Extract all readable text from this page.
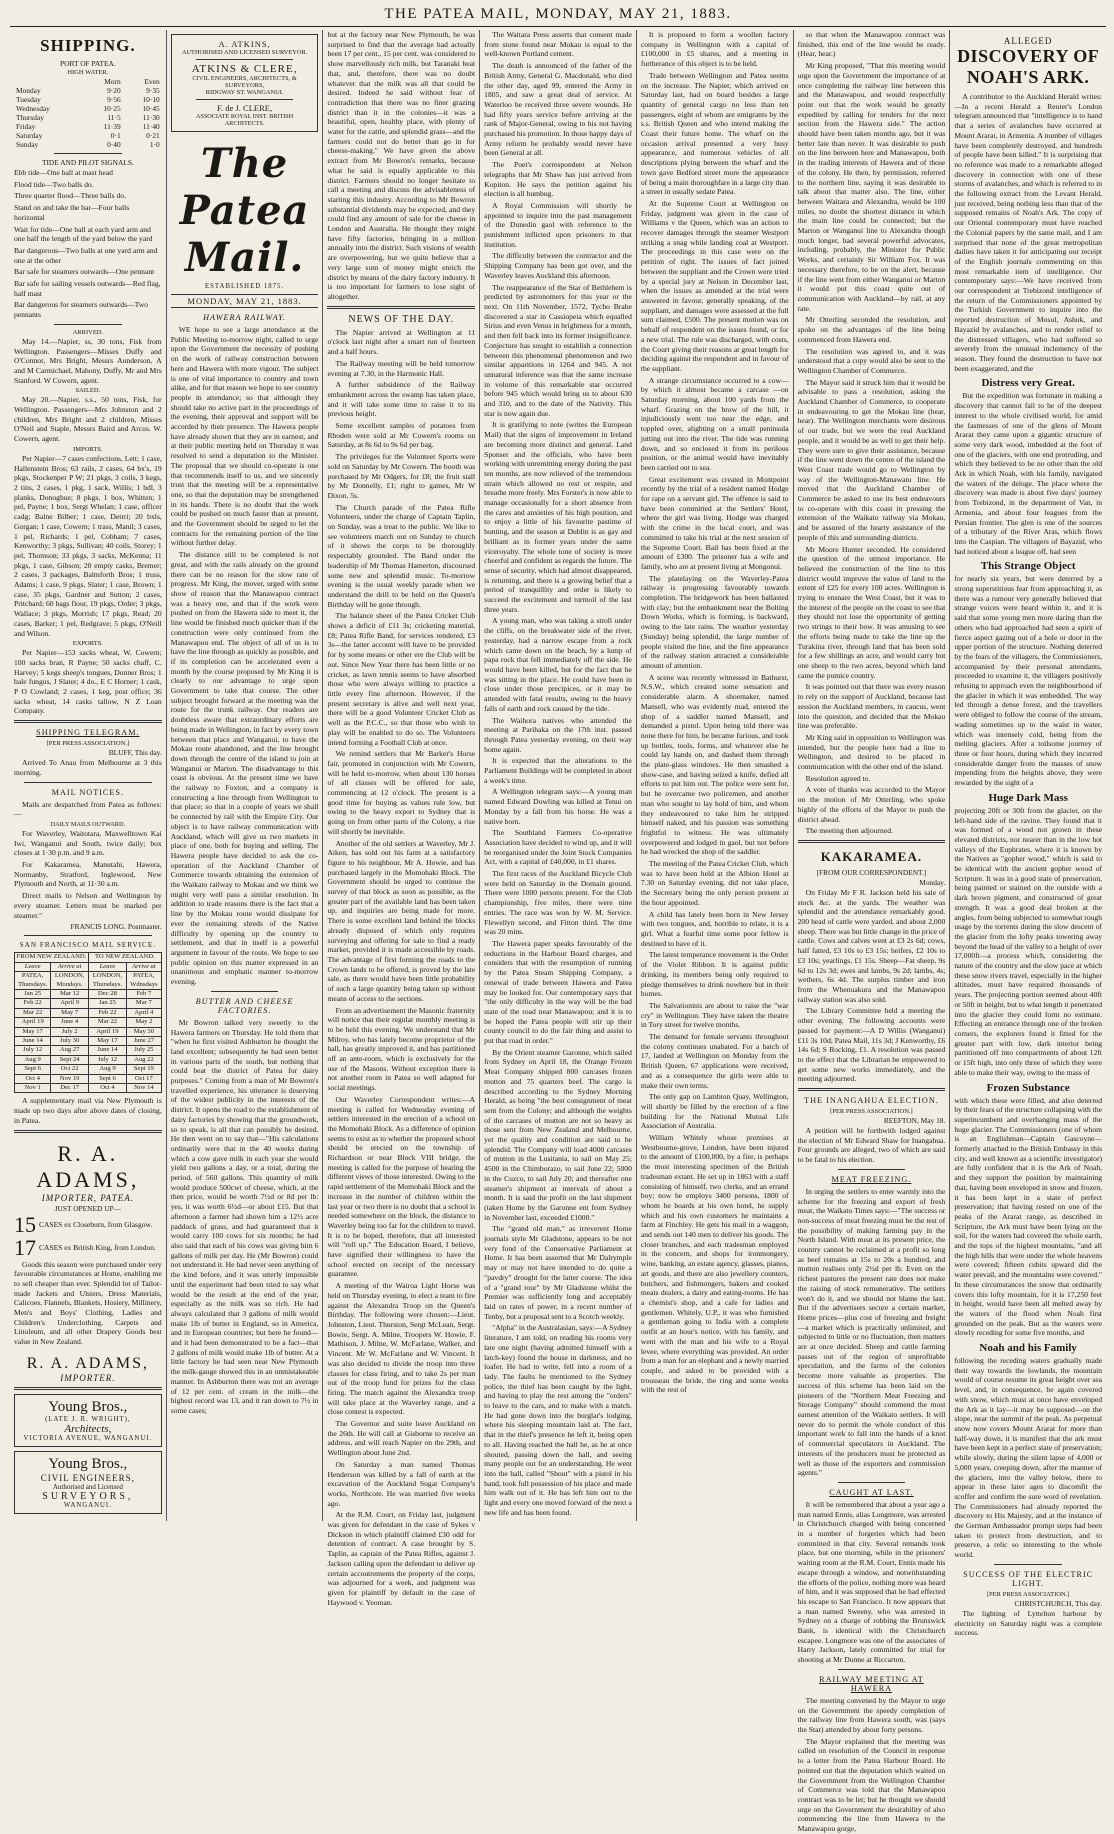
THE PATEA MAIL, MONDAY, MAY 21, 1883.
SHIPPING.
PORT OF PATEA.
HIGH WATER.
	Morn	Even
Monday	9·20	9·35
Tuesday	9·56	10·10
Wednesday	10·25	10·45
Thursday	11·5	11·30
Friday	11·39	11·40
Saturday	0·1	0·21
Sunday	0·40	1·0
TIDE AND PILOT SIGNALS.

Ebb tide—One ball at mast head

Flood tide—Two balls do.

Three quarter flood—Three balls do.

Stand on and take the bar—Four balls horizontal

Wait for tide—One ball at each yard arm and one half the length of the yard below the yard

Bar dangerous—Two balls at one yard arm and one at the other

Bar safe for steamers outwards—One pennant

Bar safe for sailing vessels outwards—Red flag, half mast

Bar dangerous for steamers outwards—Two pennants

ARRIVED.

May 14.—Napier, ss, 30 tons, Fisk from Wellington. Passengers—Misses Duffy and O'Connor, Mrs Bright, Messrs Aunderson, A and M Carmichael, Mahony, Duffy, Mr and Mrs Stanford. W Cowern, agent.

SAILED.

May 20.—Napier, s.s., 50 tons, Fisk, for Wellington. Passengers—Mrs Johnston and 2 children, Mrs Bright and 2 children, Misses O'Neil and Staple, Messrs Baird and Arcus. W. Cowern, agent.

IMPORTS.

Per Napier—7 cases confections, Lett; 1 case, Hallenstein Bros; 63 rails, 2 cases, 64 bx's, 19 pkgs, Stockenper P W; 21 pkgs, 3 coils, 3 kegs, 2 tins, 2 cases, 1 pkg, 1 sack, Willis; 1 bdl, 3 planks, Donoghue; 8 pkgs, 1 box, Whitten; 1 pel, Payne; 1 box, Sergt Whelan; 1 case, officer cadg; Balne Bilber; 1 case, Detrri; 20 bxls, Gorgan; 1 case, Cowern; 1 trass, Manil; 3 cases, 1 pel, Richards; 1 pel, Cobham; 7 cases, Kenworthy; 3 pkgs, Sullivan; 40 coils, Storey; 1 pel, Thomson; 33 pkgs, 3 sacks, McKenna; 11 pkgs, 1 case, Gibson; 20 empty casks, Bremer; 2 cases, 3 packages, Balmforth Bros; 1 truss, Adams; 1 case, 9 pkgs, Slater; 1 case, Brown; 1 case, 35 pkgs, Gardner and Sutton; 2 cases, Pritchard; 60 bags flour, 19 pkgs, Order; 3 pkgs, Wallace; 3 pkgs, Morrish; 17 pkgs, Read; 20 cases, Barker; 1 pel, Redgrave; 5 pkgs, O'Neill and Wilson.

EXPORTS.

Per Napier—153 sacks wheat, W. Cowern; 100 sacks bran, R Payne; 50 sacks chaff, C. Harvey; 5 kegs sheep's tongues, Donner Bros; 1 bale fungus, J Slater; 4 do., E C Horner; 1 cask, P O Cowland; 2 cases, 1 keg, post office; 36 sacks wheat, 14 casks tallow, N Z Loan Company.

SHIPPING TELEGRAM.
[PER PRESS ASSOCIATION.]
BLUFF, This day.

Arrived To Anau from Melbourne at 3 this morning.

MAIL NOTICES.

Mails are despatched from Patea as follows:—

DAILY MAILS OUTWARD.

For Waverley, Waitotara, Maxwelltown Kai Iwi, Wanganui and South, twice daily; box closes at 1·30 p.m. and 9 a.m.

For Kakaramea, Manutahi, Hawera, Normanby, Stratford, Inglewood, New Plymouth and North, at 11·30 a.m.

Direct mails to Nelson and Wellington by every steamer. Letters must be marked per steamer."

FRANCIS LONG. Postmaster.
SAN FRANCISCO MAIL SERVICE.
FROM NEW ZEALAND.		TO NEW ZEALAND.	
Leave	Arrive at	Leave	Arrive at
PATEA, Thursdays.	LONDON, Mondays.	LONDON, Thursdays.	PATEA, Wdnsdays
Jan 25	Mar 12	Dec 28	Feb 7
Feb 22	April 9	Jan 25	Mar 7
Mar 22	May 7	Feb 22	April 4
April 19	June 4	Mar 22	May 2
May 17	July 2	April 19	May 30
June 14	July 30	May 17	June 27
July 12	Aug 27	June 14	July 25
Aug 9	Sept 24	July 12	Aug 22
Sept 6	Oct 22	Aug 9	Sept 19
Oct 4	Nov 19	Sept 6	Oct 17
Nov 1	Dec 17	Oct 4	Nov 14

A supplementary mail via New Plymouth is made up two days after above dates of closing, in Patea.

R. A. ADAMS,
IMPORTER, PATEA.
JUST OPENED UP—
15 CASES ex Closeburn, from Glasgow.
17 CASES ex British King, from London.

Goods this season were purchased under very favourable circumstances at Home, enabling me to sell cheaper than ever. Splendid lot of Tailor-made Jackets and Ulsters, Dress Materials, Calicoes, Flannels, Blankets, Hosiery, Millinery, Men's and Boys' Clothing, Ladies and Children's Underclothing, Carpets and Linoleum, and all other Drapery Goods best value in New Zealand.

R. A. ADAMS,
IMPORTER.
Young Bros.,
(LATE J. R. WRIGHT),
Architects,
VICTORIA AVENUE, WANGANUI.
Young Bros.,
CIVIL ENGINEERS,
Authorised and Licensed
SURVEYORS,
WANGANUI.
A. ATKINS,
AUTHORISED AND LICENSED SURVEYOR.
ATKINS & CLERE,
CIVIL ENGINEERS, ARCHITECTS, & SURVEYORS,
RIDGWAY ST. WANGANUI.
F. de J. CLERE,
ASSOCIATE ROYAL INST. BRITISH ARCHITECTS.
The Patea Mail.
ESTABLISHED 1875.
MONDAY, MAY 21, 1883.
HAWERA RAILWAY.

WE hope to see a large attendance at the Public Meeting to-morrow night, called to urge upon the Government the necessity of pushing on the work of railway construction between here and Hawera with more vigour. The subject is one of vital importance to country and town alike, and for that reason we hope to see country people in attendance; so that although they should take no active part in the proceedings of the evening, their approval and support will be accorded by their presence. The Hawera people have already shown that they are in earnest, and at their public meeting held on Thursday it was resolved to send a deputation to the Minister. The proposal that we should co-operate is one that recommends itself to us, and we sincerely trust that the meeting will be a representative one, so that the deputation may be strengthened in its hands. There is no doubt that the work could be pushed on much faster than at present, and the Government should be urged to let the contracts for the remaining portion of the line without further delay.

The distance still to be completed is not great, and with the rails already on the ground there can be no reason for the slow rate of progress. Mr King, the mover, urged with some show of reason that the Manawapou contract was a heavy one, and that if the work were pushed on from the Hawera side to meet it, the line would be finished much quicker than if the construction were only continued from the Manawapou end. The object of all of us is to have the line through as quickly as possible, and if its completion can be accelerated even a month by the course proposed by Mr King it is clearly to our advantage to urge upon Government to take that course. The other subject brought forward at the meeting was the route for the trunk railway. Our readers are doubtless aware that extraordinary efforts are being made in Wellington, in fact by every town between that place and Wanganui, to have the Mokau route abandoned, and the line brought down through the centre of the island to join at Wanganui or Marton. The disadvantage to this coast is obvious. At the present time we have the railway to Foxton, and a company is constructing a line through from Wellington to that place; so that in a couple of years we shall be connected by rail with the Empire City. Our object is to have railway communication with Auckland, which will give us two markets in place of one, both for buying and selling. The Hawera people have decided to ask the co-operation of the Auckland Chamber of Commerce towards obtaining the extension of the Waikato railway to Mokau and we think we might very well pass a similar resolution. In addition to trade reasons there is the fact that a line by the Mokau route would dissipate for ever the remaining shreds of the Native difficulty by opening up the country to settlement, and that in itself is a powerful argument in favour of the route. We hope to see public opinion on this matter expressed in an unanimous and emphatic manner to-morrow evening.

BUTTER AND CHEESE FACTORIES.

Mr Bowron talked very sweetly to the Hawera farmers on Thursday. He told them that "when he first visited Ashburton he thought the land excellent; subsequently he had seen better in various parts of the south, but nothing that could beat the district of Patea for dairy purposes." Coming from a man of Mr Bowron's travelled experience, his utterance is deserving of the widest publicity in the interests of the district. It opens the road to the establishment of dairy factories by showing that the groundwork, so to speak, is all that can possibly be desired. He then went on to say that—"His calculations ordinarily were that in the 40 weeks during which a cow gave milk in each year she would yield two gallons a day, or a total, during the period, of 560 gallons. This quantity of milk would produce 500cwt of cheese, which, at the then price, would be worth 7½d or 8d per lb: yes, it was worth 6½d—or about £15. But that afternoon a farmer had shown him a 12½ acre paddock of grass, and had guaranteed that it would carry 100 cows for six months; he had also said that each of his cows was giving him 6 gallons of milk per day. He (Mr Bowron) could not understand it. He had never seen anything of the kind before, and it was utterly impossible until the experiment had been tried to say what would be the result at the end of the year, especially as the milk was so rich. He had always calculated that 3 gallons of milk would make 1lb of butter in England, so in America, and in European countries; but here he found—and it had been demonstrated to be a fact—that 2 gallons of milk would make 1lb of butter. At a little factory he had seen near New Plymouth the milk-gauge showed this in an unmistakeable manner. In Ashburton there was not an average of 12 per cent. of cream in the milk—the highest record was 13, and it ran down to 7½ in some cases;

but at the factory near New Plymouth, he was surprised to find that the average had actually been 17 per cent., 15 per cent. was considered to show marvellously rich milk, but Taranaki beat that, and, therefore, there was no doubt whatever that the milk was all that could be desired. Indeed he said without fear of contradiction that there was no finer grazing district than it in the colonies—it was a beautiful, open, healthy place, with plenty of water for the cattle, and splendid grass—and the farmers could not do better than go in for cheese-making." We have given the above extract from Mr Bowron's remarks, because what he said is equally applicable to this district. Farmers should no longer hesitate to call a meeting and discuss the advisableness of starting this industry. According to Mr Bowron substantial dividends may be expected, and they could find any amount of sale for the cheese in London and Australia. He thought they might have fifty factories, bringing in a million annually into the district. Such visions of wealth are overpowering, but we quite believe that a very large sum of money might enrich the district by means of the dairy factory industry. It is too important for farmers to lose sight of altogether.

NEWS OF THE DAY.

The Napier arrived at Wellington at 11 o'clock last night after a smart run of fourteen and a half hours.

The Railway meeting will be held tomorrow evening at 7.30, in the Harmonic Hall.

A further subsidence of the Railway embankment across the swamp has taken place, and it will take some time to raise it to its previous height.

Some excellent samples of potatoes from Rhoden were sold at Mr Cowern's rooms on Saturday, at 8s 6d to 9s 6d per bag.

The privileges for the Volunteer Sports were sold on Saturday by Mr Cowern. The booth was purchased by Mr Odgers, for £8; the fruit stall by Mr Donnelly, £1; right to games, Mr W Dixon, 5s.

The Church parade of the Patea Rifle Volunteers, under the charge of Captain Taplin, on Sunday, was a treat to the public. We like to see volunteers march out on Sunday to church of it shows the corps to be thoroughly respectably grounded. The Band under the leadership of Mr Thomas Hamerton, discoursed some new and splendid music. To-morrow evening is the usual weekly parade when we understand the drill to be held on the Queen's Birthday will be gone through.

The balance sheet of the Patea Cricket Club shows a deficit of £11 3s; cricketing material, £8; Patea Rifle Band, for services rendered, £3 3s—the latter account will have to be provided for by some means or other ere the Club will be out. Since New Year there has been little or no cricket, as lawn tennis seems to have absorbed those who were always willing to practice a little every fine afternoon. However, if the present secretary is alive and well next year, there will be a good Volunteer Cricket Club as well as the P.C.C., so that those who wish to play will be enabled to do so. The Volunteers intend forming a Football Club at once.

We remind settlers that Mr Barker's Horse fair, promoted in conjunction with Mr Cowern, will be held to-morrow, when about 130 horses of all classes will be offered for sale, commencing at 12 o'clock. The present is a good time for buying as values rule low, but owing to the heavy export to Sydney that is going on from other parts of the Colony, a rise will shortly be inevitable.

Another of the old settlers at Waverley, Mr J. Aiken, has sold out his farm at a satisfactory figure to his neighbour, Mr A. Howie, and has purchased largely in the Momohaki Block. The Government should be urged to continue the survey of that block as soon as possible, as the greater part of the available land has been taken up, and inquiries are being made for more. There is some excellent land behind the blocks already disposed of which only requires surveying and offering for sale to find a ready market, provided it is made accessible by roads. The advantage of first forming the roads to the Crown lands to be offered, is proved by the late sale, as there would have been little probability of such a large quantity being taken up without means of access to the sections.

From an advertisement the Masonic fraternity will notice that their regular monthly meeting is to be held this evening. We understand that Mr Milroy, who has lately become proprietor of the hall, has greatly improved it, and has partitioned off an ante-room, which is exclusively for the use of the Masons. Without exception there is not another room in Patea so well adapted for social meetings.

Our Waverley Correspondent writes:—A meeting is called for Wednesday evening of settlers interested in the erection of a school on the Momohaki Block. As a difference of opinion seems to exist as to whether the proposed school should be erected on the township of Richardson or near Block VIII bridge, the meeting is called for the purpose of hearing the different views of those interested. Owing to the rapid settlement of the Momohaki Block and the increase in the number of children within the last year or two there is no doubt that a school is needed somewhere on the block, the distance to Waverley being too far for the children to travel. It is to be hoped, therefore, that all interested will "roll up." The Education Board, I believe, have signified their willingness to have the school erected on receipt of the necessary guarantee.

A meeting of the Wairoa Light Horse was held on Thursday evening, to elect a team to fire against the Alexandra Troop on the Queen's Birthday. The following were chosen:—Lieut. Johnston, Lieut. Thurston, Sergt McLean, Sergt. Bowie, Sergt. A. Milne, Troopers W. Howie, F. Mathison, J. Milne, W. McFarlane, Walker, and Vincent. Mr W. McFarlane and W. Vincent. It was also decided to divide the troop into three classes for class firing, and to take 2s per man out of the troop fund for prizes for the class firing. The match against the Alexandra troop will take place at the Waverley range, and a close contest is expected.

The Governor and suite leave Auckland on the 26th. He will call at Gisborne to receive an address, and will reach Napier on the 29th, and Wellington about June 2nd.

On Saturday a man named Thomas Henderson was killed by a fall of earth at the excavation of the Auckland Sugar Company's works, Northcote. He was married five weeks ago.

At the R.M. Court, on Friday last, judgment was given for defendant in the case of Sykes v Dickson in which plaintiff claimed £30 odd for detention of contract. A case brought by S. Taplin, as captain of the Patea Rifles, against J. Jackson calling upon the defendant to deliver up certain accoutrements the property of the corps, was adjourned for a week, and judgment was given for plaintiff by default in the case of Haywood v. Yeoman.

The Waitara Press asserts that consent made from stone found near Mokau is equal to the well-known Portland cement.

The death is announced of the father of the British Army, General G. Macdonald, who died the other day, aged 99, entered the Army in 1805, and saw a great deal of service. At Waterloo he received three severe wounds. He had fifty years service before arriving at the rank of Major-General, owing to his not having purchased his promotion. In those happy days of Army reform he probably would never have been General at all.

The Poet's correspondent at Nelson telegraphs that Mr Shaw has just arrived from Kopiton. He says the petition against his election is all humbug.

A Royal Commission will shortly be appointed to inquire into the past management of the Dunedin gaol with reference to the punishment inflicted upon prisoners in that institution.

The difficulty between the contractor and the Shipping Company has been got over, and the Waverley leaves Auckland this afternoon.

The reappearance of the Star of Bethlehem is predicted by astronomers for this year or the next. On 11th November, 1572, Tycho Brahe discovered a star in Cassiopeia which equalled Sirius and even Venus in brightness for a month, and then fell back into its former insignificance. Conjecture has sought to establish a connection between this phenomenal phenomenon and two similar apparitions in 1264 and 945. A not unnatural inference was that the same increase in volume of this remarkable star occurred before 945 which would bring us to about 630 and 310, and to the date of the Nativity. This star is now again due.

It is gratifying to note (writes the European Mail) that the signs of improvement in Ireland are becoming more distinct and general. Land Sponser and the officials, who have been working with unremitting energy during the past ten months, are now relieved of the tremendous strain which allowed no rest or respite, and breathe more freely. Mrs Forster's is now able to manage occasionally for a short absence from the cares and anxieties of his high position, and to enjoy a little of his favourite pastime of hunting, and the season at Dublin is as gay and brilliant as in former years under the same viceroyalty. The whole tone of society is more cheerful and confident as regards the future. The sense of security, which had almost disappeared, is returning, and there is a growing belief that a period of tranquillity and order is likely to succeed the excitement and turmoil of the last three years.

A young man, who was taking a stroll under the cliffs, on the breakwater side of the river, yesterday, had a narrow escape from a rock which came down on the beach, by a lump of papa rock that fell immediately off the side. He would have been killed, but for the fact that he was sitting in the place. He could have been in close under those precipices, or it may be attended with fatal results, owing to the heavy falls of earth and rock caused by the tide.

The Waihora natives who attended the meeting at Parihaka on the 17th inst. passed through Patea yesterday evening, on their way home again.

It is expected that the alterations to the Parliament Buildings will be completed in about a week's time.

A Wellington telegram says:—A young man named Edward Dowling was killed at Tenui on Monday by a fall from his horse. He was a native born.

The Southland Farmers Co-operative Association have decided to wind up, and it will be reorganised under the Joint Stock Companies Act, with a capital of £40,000, in £1 shares.

The first races of the Auckland Bicycle Club were held on Saturday in the Domain ground. There were 1000 persons present. For the Club championship, five miles, there were nine entries. The race was won by W. M. Service. Flewellyn second, and Fitton third. The time was 20 mins.

The Hawera paper speaks favourably of the reductions in the Harbour Board charges, and considers that with the resumption of running by the Patea Steam Shipping Company, a renewal of trade between Hawera and Patea may be looked for. Our contemporary says that "the only difficulty in the way will be the bad state of the road near Manawapou; and it is to be hoped the Patea people will stir up their county council to do the fair thing and assist to put that road in order."

By the Orient steamer Garonne, which sailed from Sydney on April 18, the Orange Frozen Meat Company shipped 800 carcases frozen mutton and 75 quarters beef. The cargo is described according to the Sydney Morning Herald, as being "the best consignment of meat sent from the Colony; and although the weights of the carcases of mutton are not so heavy as those sent from New Zealand and Melbourne, yet the quality and condition are said to be splendid. The Company will load 4000 carcases of mutton in the Lusitania, to sail on May 25; 4500 in the Chimborazo, to sail June 22; 5000 in the Cuzco, to sail July 20; and thereafter one steamer's shipment at intervals of about a month. It is said the profit on the last shipment (taken Home by the Garonne ent from Sydney in November last, exceeded £1000."

The "grand old man," as irreverent Home journals style Mr Gladstone, appears to be not very fond of the Conservative Parliament at Home. It has been asserted that Mr Dalrymple may or may not have intended to do quite a "pavdry" drought for the latter course. The idea of a "grand tour" by Mr Gladstone whilst the Premier was sufficiently long and acceptably laid on rates of power, in a recent number of Tenby, but a proposal sent to a Scotch weekly.

"Alpha" in the Australasian, says:—A Sydney literature, I am told, on reading his rooms very late one night (having admitted himself with a latch-key) found the house in darkness, and no loafer. He had to write, fell into a room of a lady. The faults he mentioned to the Sydney police, the thief has been caught by the light, and having to play the rest among the "orders" to leave to the cars, and to make with a match. He had gone down into the burglar's lodging, where his sleeping mountain laid at. The fact, that in the thief's presence he left it, being open to all. Having reached the hall he, as he at once shouted, passing down the hall, and seeing many people out for an understanding. He went into the hall, called "Shout" with a pistol in his hand, took full possession of his place and made him walk out of it. He has left him out to the light and every one moved forward of the next a new life and has been found.

It is proposed to form a woollen factory company in Wellington with a capital of £100,000 in £5 shares, and a meeting in furtherance of this object is to be held.

Trade between Wellington and Patea seems on the increase. The Napier, which arrived on Saturday last, had on board besides a large quantity of general cargo no less than ten passengers, eight of whom are emigrants by the s.s. British Queen and who intend making the Coast their future home. The wharf on the occasion arrival presented a very busy appearance, and numerous vehicles of all descriptions plying between the wharf and the town gave Bedford street more the appearance of being a main thoroughfare in a large city than a street in usually sedate Patea.

At the Supreme Court at Wellington on Friday, judgment was given in the case of Williams v the Queen, which was an action to recover damages through the steamer Westport striking a snag while landing coal at Westport. The proceedings in this case were on the petition of right. The issues of fact joined between the suppliant and the Crown were tried by a special jury at Nelson in December last, when the issues as amended at the trial were answered in favour, generally speaking, of the suppliant, and damages were assessed at the full sum claimed, £500. The present motion was on behalf of respondent on the issues found, or for a new trial. The rule was discharged, with costs, the Court giving their reasons at great length for deciding against the respondent and in favour of the suppliant.

A strange circumstance occurred to a cow—by which it almost became a carcase —on Saturday morning, about 100 yards from the wharf. Grazing on the brow of the hill, it injudiciously went too near the edge, and toppled over, alighting on a small peninsula jutting out into the river. The tide was running down, and so enclosed it from its perilous position, or the animal would have inevitably been carried out to sea.

Great excitement was created in Montpoint recently by the trial of a resident named Hodge for rape on a servant girl. The offence is said to have been committed at the Settlers' Hotel, where the girl was living. Hodge was charged with the crime in the local court, and was committed to take his trial at the next session of the Supreme Court. Bail has been fixed at the amount of £300. The prisoner has a wife and family, who are at present living at Mongonui.

The platelaying on the Waverley-Patea railway is progressing favourably towards completion. The bridgework has been ballasted with clay; but the embankment near the Bolting Down Works, which is forming, is backward, owing to the late rains. The weather yesterday (Sunday) being splendid, the large number of people visited the line, and the fine appearance of the railway station attracted a considerable amount of attention.

A scene was recently witnessed in Bathurst, N.S.W., which created some sensation and considerable alarm. A shoemaker, named Mansell, who was evidently mad, entered the shop of a saddler named Mansell, and demanded a pistol. Upon being told there was none there for him, he became furious, and took up bottles, tools, forms, and whatever else he could lay hands on, and dashed them through the plate-glass windows. He then smashed a show-case, and having seized a knife, defied all efforts to put him out. The police were sent for, but he overcame two policemen, and another man who sought to lay hold of him, and whom they endeavoured to take him he stripped himself naked, and his passion was something frightful to witness. He was ultimately overpowered and lodged in gaol, but not before he had wrecked the shop of the saddler.

The meeting of the Patea Cricket Club, which was to have been held at the Albion Hotel at 7.30 on Saturday evening, did not take place, the Secretary being the only person present at the hour appointed.

A child has lately been born in New Jersey with two tongues, and, horrible to relate, it is a girl. What a fearful time some poor fellow is destined to have of it.

The latest temperance movement is the Order of the Violet Ribbon. It is against public drinking, its members being only required to pledge themselves to drink nowhere but in their homes.

The Salvationists are about to raise the "war cry" in Wellington. They have taken the theatre in Tory street for twelve months.

The demand for female servants throughout the colony continues unabated. For a batch of 17, landed at Wellington on Monday from the British Queen, 67 applications were received, and as a consequence the girls were able to make their own terms.

The only gap on Lambton Quay, Wellington, will shortly be filled by the erection of a fine building for the National Mutual Life Association of Australia.

William Whitely whose premises at Westbourne-grove, London, have been injured to the amount of £100,000, by a fire, is perhaps the most interesting specimen of the British tradesman extant. He set up in 1863 with a staff consisting of himself, two clerks, and an errand boy; now he employs 3400 persons, 1800 of whom he boards at his own hotel, he supply which and his own customers he maintains a farm at Finchley. He gets his mail in a waggon, and sends out 140 men to deliver his goods. The closer branches, and each tradesman employed in the concern, and shops for ironmongery, wine, banking, an estate agency, glasses, pianos, art goods, and there are also jewellery counters, butchers, and fishmongers, bakers and cooked meats dealers, a dairy and eating-rooms. He has a chemist's shop, and a cafe for ladies and gentlemen. Whitely, U.P., it was who furnished a gentleman going to India with a complete outfit at an hour's notice, with his family, and went with the man and his wife to a Royal levee, where everything was provided. An order from a man for an elephant and a newly married couple, and asked to be provided with a trousseau the bride, the ring and some weeks with the rest of

so that when the Manawapou contract was finished, this end of the line would be ready. (Hear, hear.)

Mr King proposed, "That this meeting would urge upon the Government the importance of at once completing the railway line between this and the Manawapou, and would respectfully point out that the work would be greatly expedited by calling for tenders for the next section from the Hawera side." The action should have been taken months ago, but it was better late than never. It was desirable to push on the line between here and Manawapou, both in the trading interests of Hawera and of those of the colony. He then, by permission, referred to the northern line, saying it was desirable to talk about that matter also. The line, either between Waitara and Alexandra, would be 100 miles, no doubt the shortest distance in which the main line could be connected; but the Marton or Wanganui line to Alexandra though much longer, had several powerful advocates, including, probably, the Minister for Public Works, and certainly Sir William Fox. It was necessary therefore, to be on the alert, because if the line went from either Wanganui or Marton it would put this coast quite out of communication with Auckland—by rail, at any rate.

Mr Otterling seconded the resolution, and spoke on the advantages of the line being commenced from Hawera end.

The resolution was agreed to, and it was understood that a copy would also be sent to the Wellington Chamber of Commerce.

The Mayor said it struck him that it would be advisable to pass a resolution, asking the Auckland Chamber of Commerce, to cooperate in endeavouring to get the Mokau line (hear, hear). The Wellington merchants were desirous of our trade, but we were the real Auckland people, and it would be as well to get their help. They were sure to give their assistance, because if the line went down the centre of the island the West Coast trade would go to Wellington by way of the Wellington-Manawatu line. He moved that the Auckland Chamber of Commerce be asked to use its best endeavours to co-operate with this coast in pressing the extension of the Waikato railway via Mokau, and be assured of the hearty assistance of the people of this and surrounding districts.

Mr Moore Hunter seconded. He considered the question of the utmost importance. He believed the construction of the line to this district would improve the value of land to the extent of £25 for every 100 acres. Wellington is trying to ensnare the West Coast, but it was to the interest of the people on the coast to see that they should not lose the opportunity of getting two strings to their bow. It was amusing to see the efforts being made to take the line up the Turakina river, through land that has been sold for a few shillings an acre, and would carry but one sheep to the two acres, beyond which land came the pumice country.

It was pointed out that there was every reason to rely on the support of Auckland, because last session the Auckland members, in caucus, went into the question, and decided that the Mokau line was preferable.

Mr King said in opposition to Wellington was intended, but the people here had a line to Wellington, and desired to be placed in communication with the other end of the island.

Resolution agreed to.

A vote of thanks was accorded to the Mayor on the motion of Mr Otterling, who spoke highly of the efforts of the Mayor to push the district ahead.

The meeting then adjourned.

KAKARAMEA.
[FROM OUR CORRESPONDENT.]
Monday.

On Friday Mr F R. Jackson held his sale of stock &c. at the yards. The weather was splendid and the attendance remarkably good. 200 head of cattle were yarded, and about 2,000 sheep. There was but little change in the price of cattle. Cows and calves went at £3 2s 6d; cows, half fatted, £3 10s to £3 15s; heifers, £2 10s to £3 10s; yearlings, £1 15s. Sheep—Fat sheep, 9s 6d to 12s 3d; ewes and lambs, 9s 2d; lambs, 4s; wethers, 6s 4d. The surplus timber and iron from the Whenuakura and the Manawapou railway station was also sold.

The Library Committee held a meeting the other evening. The following accounts were passed for payment:—A D Willis (Wanganui) £11 3s 10d; Patea Mail, 11s 3d; J Kenworthy, £6 14s 6d; S Rocking, £1. A resolution was passed to the effect that the Librarian be empowered to get some new works immediately, and the meeting adjourned.

THE INANGAHUA ELECTION.
[PER PRESS ASSOCIATION.]
REEFTON, May 18.

A petition will be forthwith lodged against the election of Mr Edward Shaw for Inangahua. Four grounds are alleged, two of which are said to be fatal to his election.

MEAT FREEZING.

In urging the settlers to enter warmly into the scheme for the freezing and export of fresh meat, the Waikato Times says:—"The success or non-success of meat freezing must be the test of the possibility of making farming pay in the North Island. With meat at its present price, the country cannot be reclaimed at a profit so long as beef remains at 15s to 20s a hundred, and mutton realises only 2½d per lb. Even on the richest pastures the present rate does not make the raising of stock remunerative. The settlers won't do it, and we should not blame the last. But if the advertisers secure a certain market, Home prices—plus cost of freezing and freight—a market which is practically unlimited, and subjected to little or no fluctuation, then matters are at once decided. Sheep and cattle farming passes out of the region of unprofitable speculation, and the farms of the colonies become more valuable as properties. The success of this scheme has been laid on the pioneers of the "Northern Meat Freezing and Storage Company" should commend the most earnest attention of the Waikato settlers. It will never do to permit the whole conduct of this important work to fall into the hands of a knot of commercial speculators in Auckland. The interests of the producers must be protected as well as those of the exporters and commission agents."

CAUGHT AT LAST.

It will be remembered that about a year ago a man named Ennis, alias Longmore, was arrested in Christchurch charged with being concerned in a number of forgeries which had been committed in that city. Several remands took place, but one morning, while in the prisoners' waiting room at the R.M. Court, Ennis made his escape through a window, and notwithstanding the efforts of the police, nothing more was heard of him, and it was supposed that he had effected his escape to San Francisco. It now appears that a man named Sweeny, who was arrested in Sydney on a charge of robbing the Brunswick Bank, is identical with the Christchurch escapee. Longmore was one of the associates of Harry Jackson, lately committed for trial for shooting at Mr Dunne at Riccarton.

RAILWAY MEETING AT HAWERA

The meeting convened by the Mayor to urge on the Government the speedy completion of the railway line from Hawera south, was (says the Star) attended by about forty persons.

The Mayor explained that the meeting was called on resolution of the Council in response to a letter from the Patea Harbour Board. He pointed out that the deputation which waited on the Government from the Wellington Chamber of Commerce was told that the Manawapou contract was to be let; but he thought we should urge on the Government the desirability of also commencing the line from Hawera to the Manawapou gorge,

ALLEGED
DISCOVERY OF NOAH'S ARK.

A contributor to the Auckland Herald writes:—In a recent Herald a Reuter's London telegram announced that "intelligence is to hand that a series of avalanches have occurred at Mount Ararat, in Armenia. A number of villages have been completely destroyed, and hundreds of people have been killed." It is surprising that no reference was made to a remarkable alleged discovery in connection with one of these storms of avalanches, and which is referred to in the following extract from the Levant Herald, just received, being nothing less than that of the supposed remains of Noah's Ark. The copy of our Oriental contemporary must have reached the Colonial papers by the same mail, and I am surprised that none of the great metropolitan dailies have taken it for anticipating our receipt of the English journals commenting on this most remarkable item of intelligence. Our contemporary says:—We have received from our correspondent at Trebizond intelligence of the return of the Commissioners appointed by the Turkish Government to inquire into the reported destruction of Mosul, Ashuk, and Bayazid by avalanches, and to render relief to the distressed villagers, who had suffered so severely from the unusual inclemency of the season. They found the destruction to have not been exaggerated, and the

Distress very Great.

But the expedition was fortunate in making a discovery that cannot fail to be of the deepest interest to the whole civilised world, for amid the fastnesses of one of the glens of Mount Ararat they came upon a gigantic structure of some very dark wood, imbedded at the foot of one of the glaciers, with one end protruding, and which they believed to be no other than the old Ark in which Noah, with his family, navigated the waters of the deluge. The place where the discovery was made is about five days' journey from Trebizond, in the department of Van, in Armenia, and about four leagues from the Persian frontier. The glen is one of the sources of a tributary of the River Aras, which flows into the Caspian. The villagers of Bayazid, who had noticed about a league off, had seen

This Strange Object

for nearly six years, but were deterred by a strong superstitious fear from approaching it, as there was a rumour very generally believed that strange voices were heard within it, and it is said that some young men more daring than the others who had approached had seen a spirit of fierce aspect gazing out of a hole or door in the upper portion of the structure. Nothing deterred by the fears of the villagers, the Commissioners, accompanied by their personal attendants, proceeded to examine it, the villagers positively refusing to approach even the neighbourhood of the glacier in which it was embedded. The way led through a dense forest, and the travellers were obliged to follow the course of the stream, wading sometimes up to the waist in water, which was intensely cold, being from the melting glaciers. After a toilsome journey of three or four hours, during which they incurred considerable danger from the masses of snow impending from the heights above, they were rewarded by the sight of a

Huge Dark Mass

projecting 20ft or 30ft from the glacier, on the left-hand side of the ravine. They found that it was formed of a wood not grown in these elevated districts, nor nearer than in the low hot valleys of the Euphrates, where it is known by the Natives as "gopher wood," which is said to be identical with the ancient gopher wood of Scripture. It was in a good state of preservation, being painted or stained on the outside with a dark brown pigment, and constructed of great strength. It was a good deal broken at the angles, from being subjected to somewhat rough usage by the torrents during the slow descent of the glacier from the lofty peaks towering away beyond the head of the valley to a height of over 17,000ft—a process which, considering the nature of the country and the slow pace at which these snow rivers travel, especially in the higher altitudes, must have required thousands of years. The projecting portion seemed about 40ft or 50ft in height, but to what length it penetrated into the glacier they could form no estimate. Effecting an entrance through one of the broken corners, the explorers found it fitted for the greater part with low, dark interior being partitioned off into compartments of about 12ft or 15ft high, into only three of which they were able to make their way, owing to the mass of

Frozen Substance

with which these were filled, and also deterred by their fears of the structure collapsing with the superincumbent and overhanging mass of the huge glacier. The Commissioners (one of whom is an Englishman—Captain Gascoyne—formerly attached to the British Embassy in this city, and well known as a scientific investigator) are fully confident that it is the Ark of Noah, and they support the position by maintaining that, having been enveloped in snow and frozen, it has been kept in a state of perfect preservation; that having rested on one of the peaks of the Ararat range, as described in Scripture, the Ark must have been lying on the soil, for the waters had covered the whole earth, and the tops of the highest mountains, "and all the high hills that were under the whole heavens were covered; fifteen cubits upward did the water prevail, and the mountains were covered." In these circumstances the snow that ordinarily covers this lofty mountain, for it is 17,250 feet in height, would have been all melted away by the waters of the flood when Noah first grounded on the peak. But as the waters were slowly receding for some five months, and

Noah and his Family

following the receding waters gradually made their way towards the lowlands, the mountain would of course resume its great height over sea level, and, in consequence, be again covered with snow, which must at once have enveloped the Ark as it lay—it may be supposed—on the slope, near the summit of the peak. As perpetual snow now covers Mount Ararat for more than half-way down, it is manifest that the ark must have been kept in a perfect state of preservation; while slowly, during the silent lapse of 4,000 or 5,000 years, creeping down, after the manner of the glaciers, into the valley below, there to appear in these later ages to discomfit the scoffer and confirm the sure word of revelation. The Commissioners had already reported the discovery to His Majesty, and at the instance of the German Ambassador prompt steps had been taken to protect from destruction, and to preserve, a relic so interesting to the whole world.

SUCCESS OF THE ELECTRIC LIGHT.
[PER PRESS ASSOCIATION.]
CHRISTCHURCH, This day.

The lighting of Lyttelton harbour by electricity on Saturday night was a complete success.
